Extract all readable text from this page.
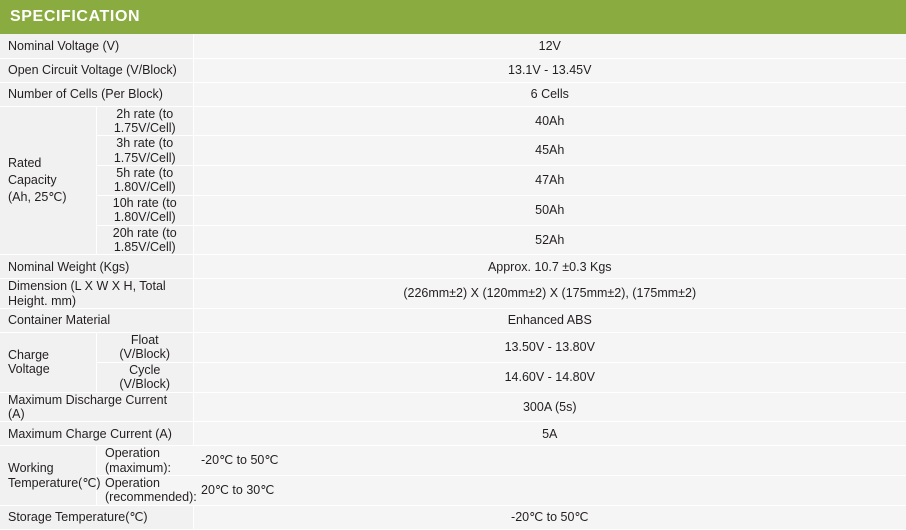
SPECIFICATION
Nominal Voltage (V)		12V
Open Circuit Voltage (V/Block)		13.1V - 13.45V
Number of Cells (Per Block)		6 Cells

Rated Capacity
(Ah, 25℃)	2h rate (to 1.75V/Cell)	40Ah
	3h rate (to 1.75V/Cell)	45Ah
	5h rate (to 1.80V/Cell)	47Ah
	10h rate (to 1.80V/Cell)	50Ah
	20h rate (to 1.85V/Cell)	52Ah
Nominal Weight (Kgs)		Approx. 10.7 ±0.3 Kgs
Dimension (L X W X H, Total Height. mm)		(226mm±2) X (120mm±2) X (175mm±2), (175mm±2)
Container Material		Enhanced ABS
Charge Voltage	Float (V/Block)	13.50V - 13.80V
	Cycle (V/Block)	14.60V - 14.80V
Maximum Discharge Current (A)		300A (5s)
Maximum Charge Current (A)		5A
Working Temperature(℃)	Operation (maximum):	-20℃ to 50℃
	Operation (recommended):	20℃ to 30℃
Storage Temperature(℃)		-20℃ to 50℃
